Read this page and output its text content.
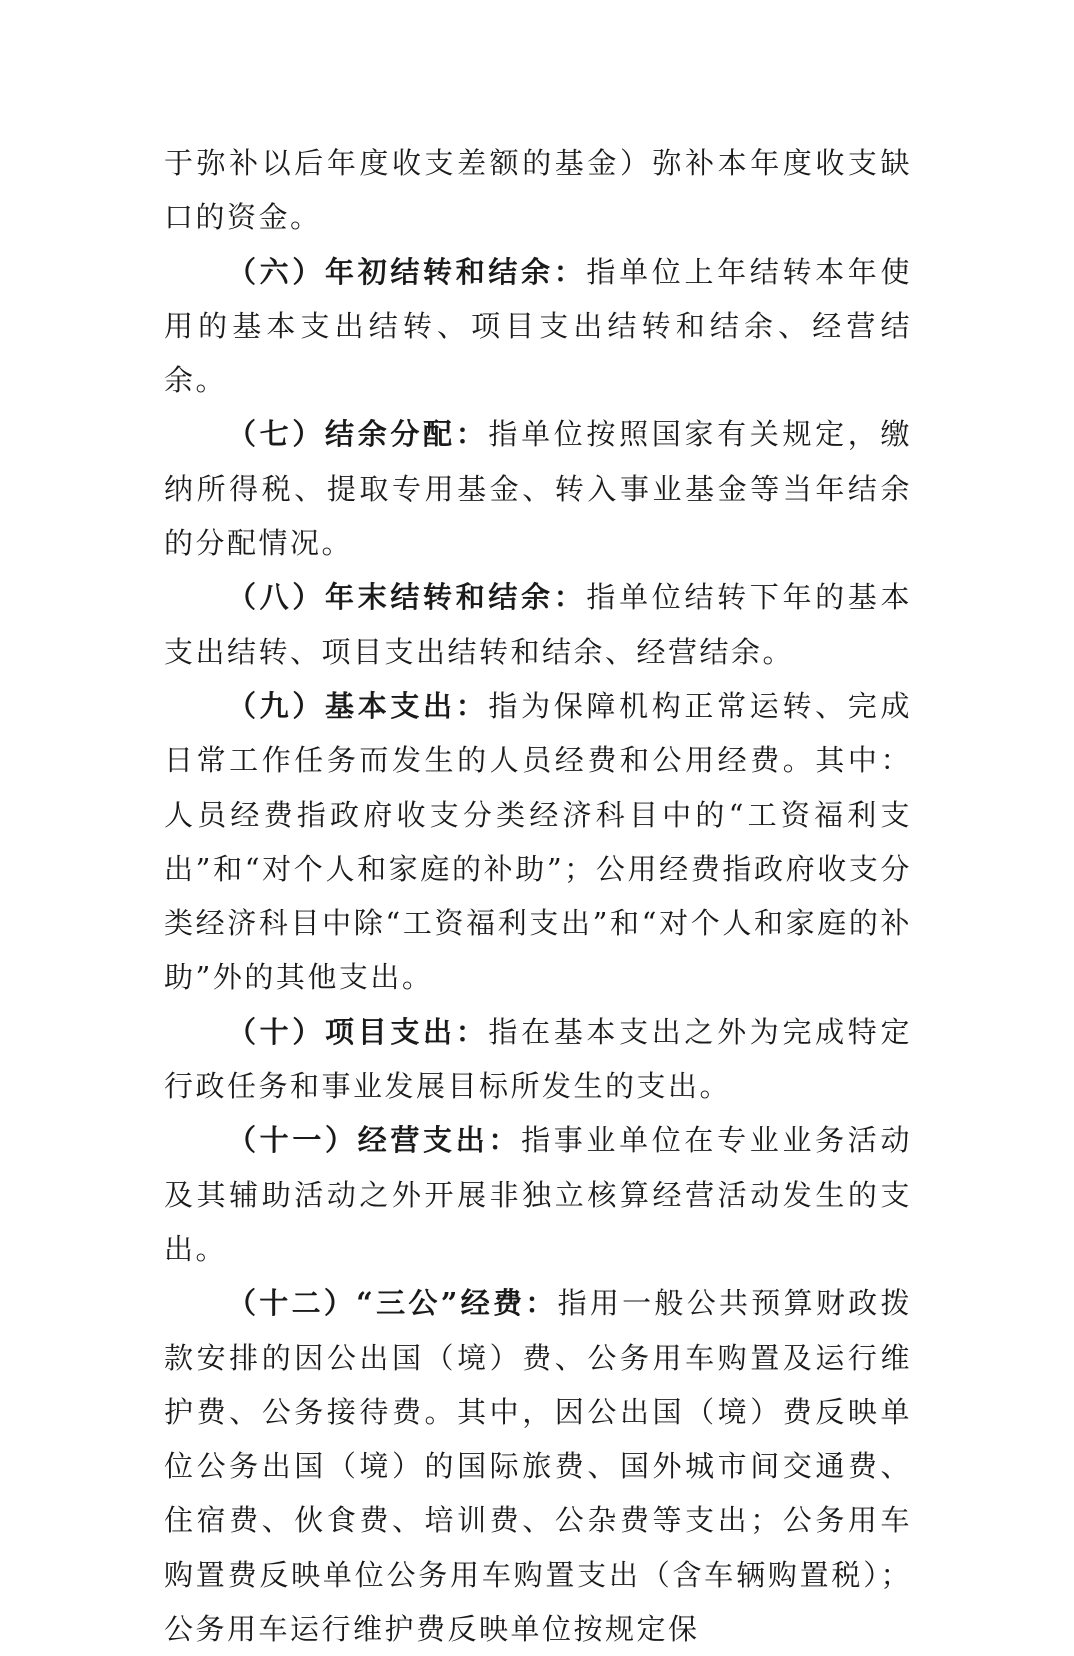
于弥补以后年度收支差额的基金）弥补本年度收支缺口的资金。

（六）年初结转和结余：指单位上年结转本年使用的基本支出结转、项目支出结转和结余、经营结余。

（七）结余分配：指单位按照国家有关规定，缴纳所得税、提取专用基金、转入事业基金等当年结余的分配情况。

（八）年末结转和结余：指单位结转下年的基本支出结转、项目支出结转和结余、经营结余。

（九）基本支出：指为保障机构正常运转、完成日常工作任务而发生的人员经费和公用经费。其中：人员经费指政府收支分类经济科目中的“工资福利支出”和“对个人和家庭的补助”；公用经费指政府收支分类经济科目中除“工资福利支出”和“对个人和家庭的补助”外的其他支出。

（十）项目支出：指在基本支出之外为完成特定行政任务和事业发展目标所发生的支出。

（十一）经营支出：指事业单位在专业业务活动及其辅助活动之外开展非独立核算经营活动发生的支出。

（十二）“三公”经费：指用一般公共预算财政拨款安排的因公出国（境）费、公务用车购置及运行维护费、公务接待费。其中，因公出国（境）费反映单位公务出国（境）的国际旅费、国外城市间交通费、住宿费、伙食费、培训费、公杂费等支出；公务用车购置费反映单位公务用车购置支出（含车辆购置税）；公务用车运行维护费反映单位按规定保
